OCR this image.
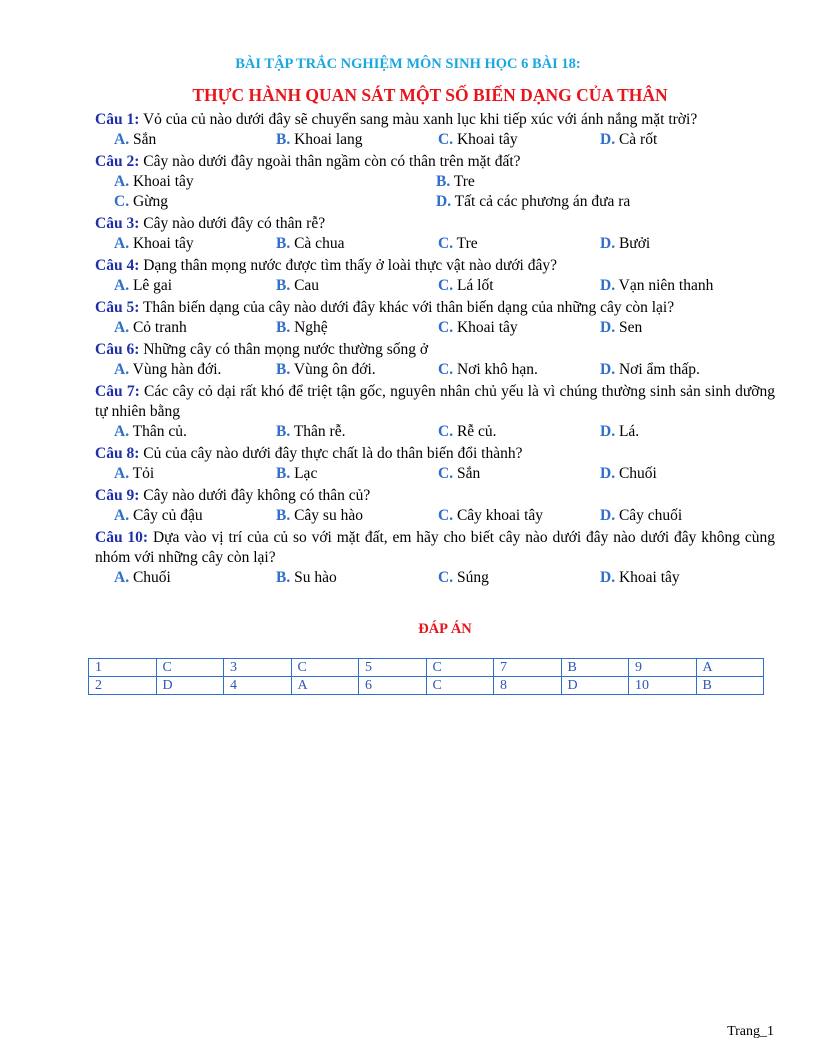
BÀI TẬP TRẮC NGHIỆM MÔN SINH HỌC 6 BÀI 18:
THỰC HÀNH QUAN SÁT MỘT SỐ BIẾN DẠNG CỦA THÂN
Câu 1: Vỏ của củ nào dưới đây sẽ chuyển sang màu xanh lục khi tiếp xúc với ánh nắng mặt trời?
A. Sắn	B. Khoai lang	C. Khoai tây	D. Cà rốt
Câu 2: Cây nào dưới đây ngoài thân ngầm còn có thân trên mặt đất?
A. Khoai tây	B. Tre
C. Gừng	D. Tất cả các phương án đưa ra
Câu 3: Cây nào dưới đây có thân rễ?
A. Khoai tây	B. Cà chua	C. Tre	D. Bưởi
Câu 4: Dạng thân mọng nước được tìm thấy ở loài thực vật nào dưới đây?
A. Lê gai	B. Cau	C. Lá lốt	D. Vạn niên thanh
Câu 5: Thân biến dạng của cây nào dưới đây khác với thân biến dạng của những cây còn lại?
A. Cỏ tranh	B. Nghệ	C. Khoai tây	D. Sen
Câu 6: Những cây có thân mọng nước thường sống ở
A. Vùng hàn đới.	B. Vùng ôn đới.	C. Nơi khô hạn.	D. Nơi ẩm thấp.
Câu 7: Các cây cỏ dại rất khó để triệt tận gốc, nguyên nhân chủ yếu là vì chúng thường sinh sản sinh dưỡng tự nhiên bằng
A. Thân củ.	B. Thân rễ.	C. Rễ củ.	D. Lá.
Câu 8: Củ của cây nào dưới đây thực chất là do thân biến đổi thành?
A. Tỏi	B. Lạc	C. Sắn	D. Chuối
Câu 9: Cây nào dưới đây không có thân củ?
A. Cây củ đậu	B. Cây su hào	C. Cây khoai tây	D. Cây chuối
Câu 10: Dựa vào vị trí của củ so với mặt đất, em hãy cho biết cây nào dưới đây nào dưới đây không cùng nhóm với những cây còn lại?
A. Chuối	B. Su hào	C. Súng	D. Khoai tây
ĐÁP ÁN
1	C	3	C	5	C	7	B	9	A
2	D	4	A	6	C	8	D	10	B
Trang_1
